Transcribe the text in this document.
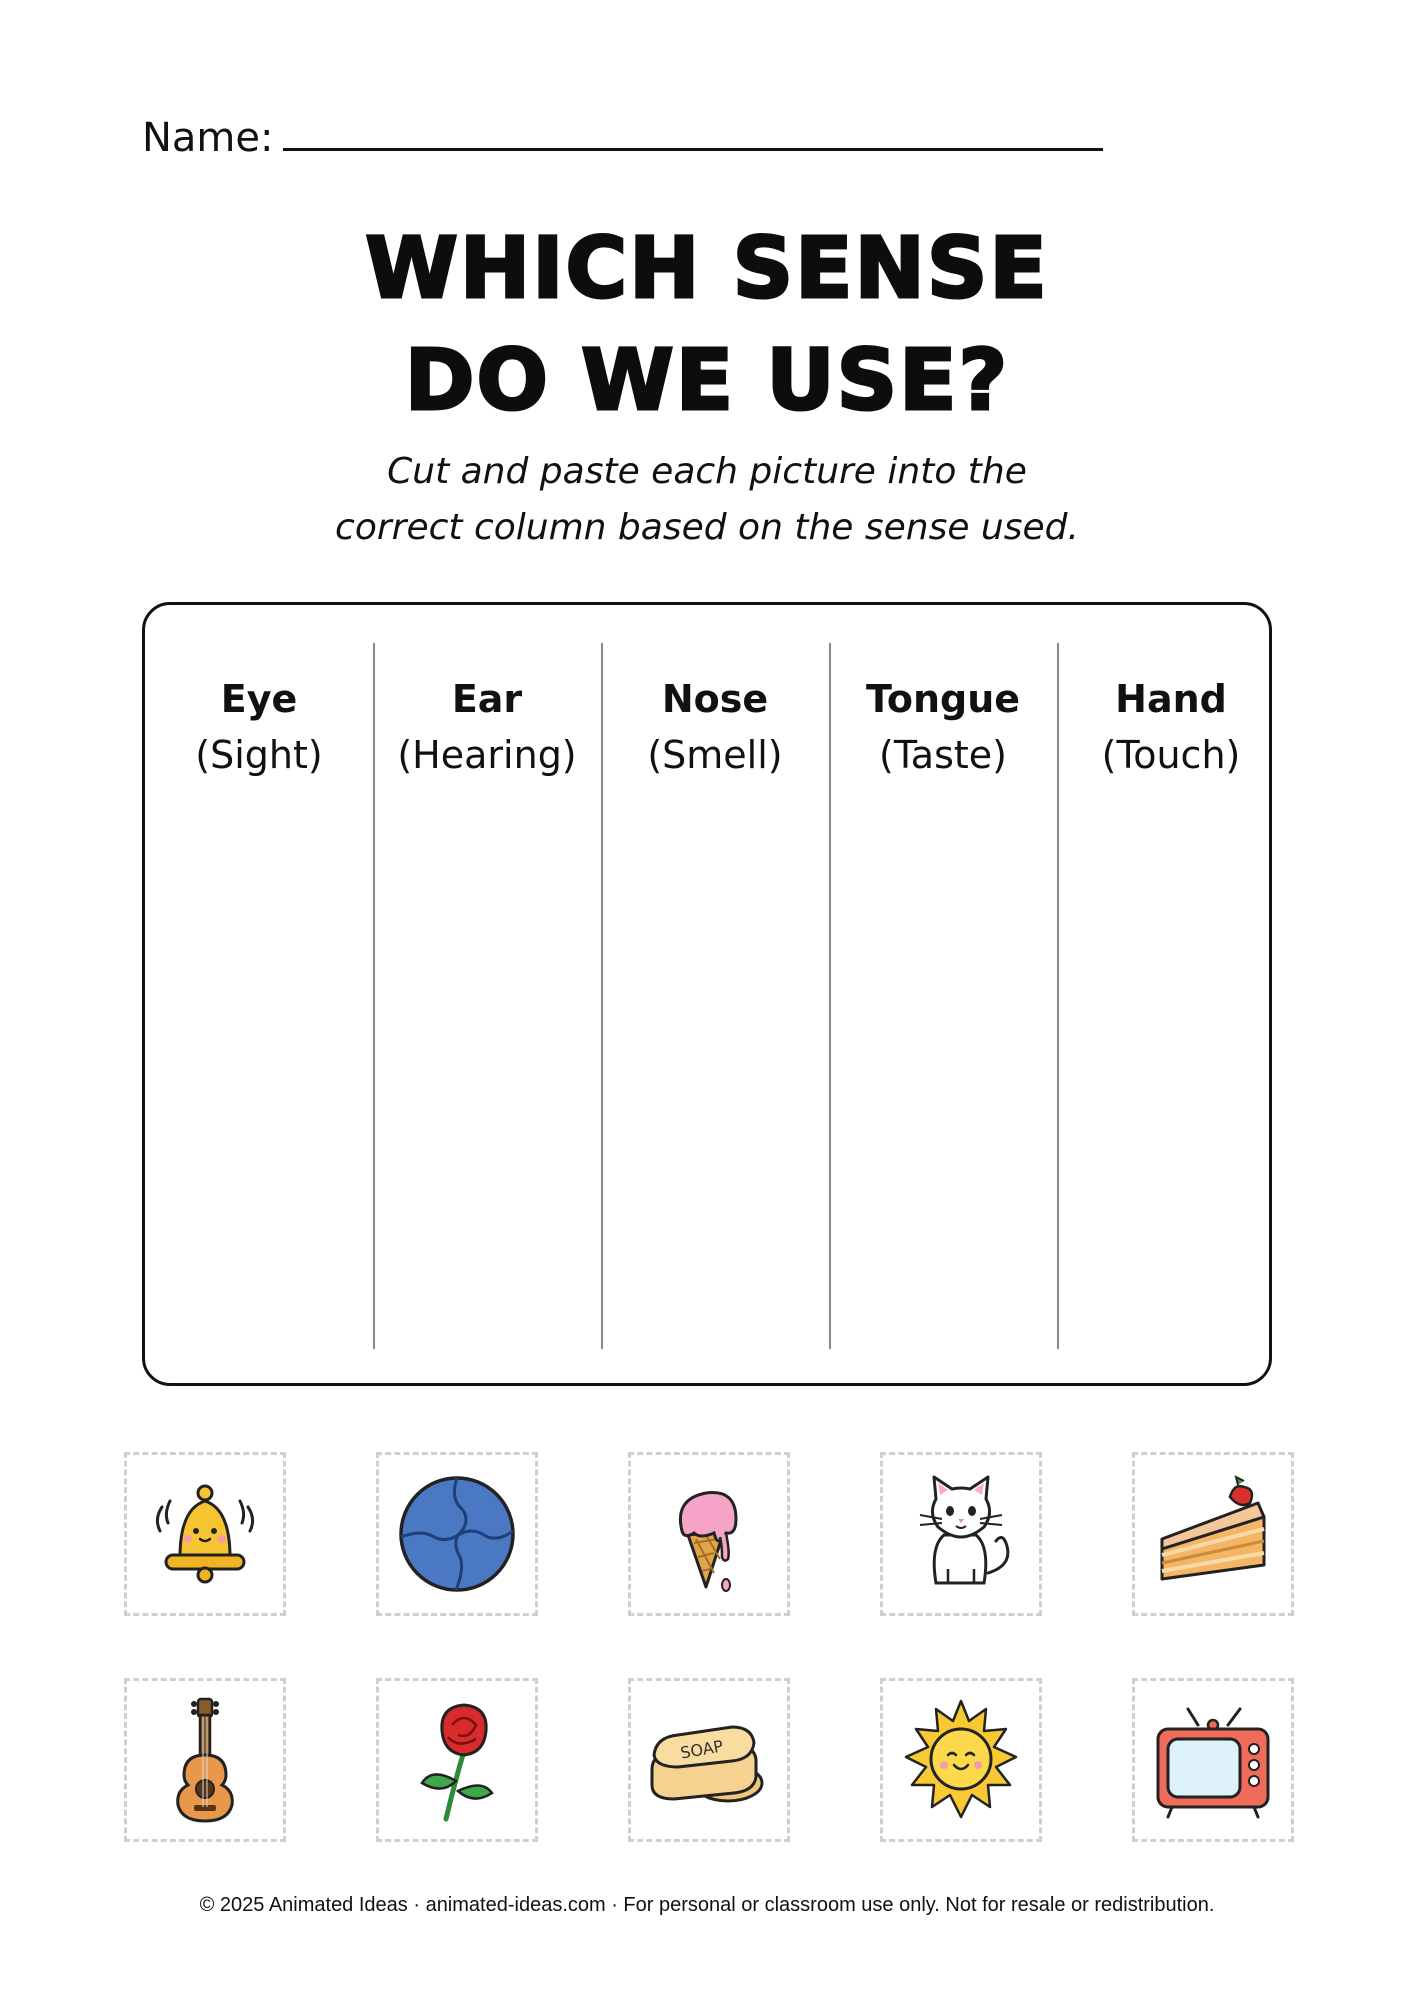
Name:
WHICH SENSE
DO WE USE?
Cut and paste each picture into the
correct column based on the sense used.
Eye
(Sight)
Ear
(Hearing)
Nose
(Smell)
Tongue
(Taste)
Hand
(Touch)
SOAP
© 2025 Animated Ideas · animated-ideas.com · For personal or classroom use only. Not for resale or redistribution.
